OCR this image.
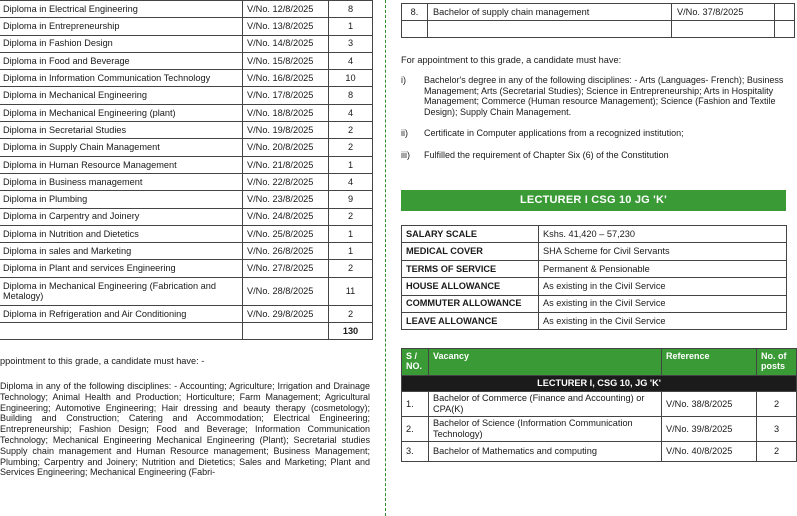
Diploma in Electrical Engineering	V/No. 12/8/2025	8
Diploma in Entrepreneurship	V/No. 13/8/2025	1
Diploma in Fashion Design	V/No. 14/8/2025	3
Diploma in Food and Beverage	V/No. 15/8/2025	4
Diploma in Information Communication Technology	V/No. 16/8/2025	10
Diploma in Mechanical Engineering	V/No. 17/8/2025	8
Diploma in Mechanical Engineering (plant)	V/No. 18/8/2025	4
Diploma in Secretarial Studies	V/No. 19/8/2025	2
Diploma in Supply Chain Management	V/No. 20/8/2025	2
Diploma in Human Resource Management	V/No. 21/8/2025	1
Diploma in Business management	V/No. 22/8/2025	4
Diploma in Plumbing	V/No. 23/8/2025	9
Diploma in Carpentry and Joinery	V/No. 24/8/2025	2
Diploma in Nutrition and Dietetics	V/No. 25/8/2025	1
Diploma in sales and Marketing	V/No. 26/8/2025	1
Diploma in Plant and services Engineering	V/No. 27/8/2025	2
Diploma in Mechanical Engineering (Fabrication and Metalogy)	V/No. 28/8/2025	11
Diploma in Refrigeration and Air Conditioning	V/No. 29/8/2025	2
		130
ppointment to this grade, a candidate must have: -
Diploma in any of the following disciplines: - Accounting; Agriculture; Irrigation and Drainage Technology; Animal Health and Production; Horticulture; Farm Management; Agricultural Engineering; Automotive Engineering; Hair dressing and beauty therapy (cosmetology); Building and Construction; Catering and Accommodation; Electrical Engineering; Entrepreneurship; Fashion Design; Food and Beverage; Information Communication Technology; Mechanical Engineering Mechanical Engineering (Plant); Secretarial studies Supply chain management and Human Resource management; Business Management; Plumbing; Carpentry and Joinery; Nutrition and Dietetics; Sales and Marketing; Plant and Services Engineering; Mechanical Engineering (Fabri-
8.	Bachelor of supply chain management	V/No. 37/8/2025	

For appointment to this grade, a candidate must have:
i) Bachelor's degree in any of the following disciplines: - Arts (Languages- French); Business Management; Arts (Secretarial Studies); Science in Entrepreneurship; Arts in Hospitality Management; Commerce (Human resource Management); Science (Fashion and Textile Design); Supply Chain Management.
ii) Certificate in Computer applications from a recognized institution;
iii) Fulfilled the requirement of Chapter Six (6) of the Constitution
LECTURER I CSG 10 JG 'K'
SALARY SCALE	Kshs. 41,420 – 57,230
MEDICAL COVER	SHA Scheme for Civil Servants
TERMS OF SERVICE	Permanent & Pensionable
HOUSE ALLOWANCE	As existing in the Civil Service
COMMUTER ALLOWANCE	As existing in the Civil Service
LEAVE ALLOWANCE	As existing in the Civil Service
S / NO.	Vacancy	Reference	No. of posts
LECTURER I, CSG 10, JG 'K'			
1.	Bachelor of Commerce (Finance and Accounting) or CPA(K)	V/No. 38/8/2025	2
2.	Bachelor of Science (Information Communication Technology)	V/No. 39/8/2025	3
3.	Bachelor of Mathematics and computing	V/No. 40/8/2025	2
